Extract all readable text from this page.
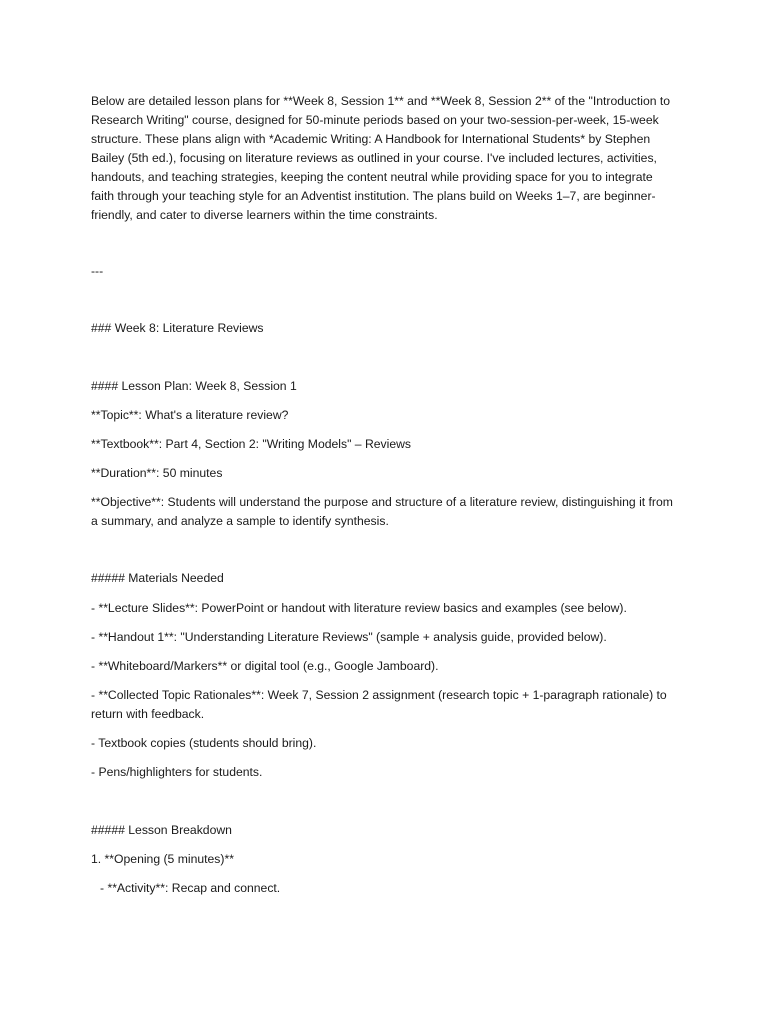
Below are detailed lesson plans for **Week 8, Session 1** and **Week 8, Session 2** of the "Introduction to Research Writing" course, designed for 50-minute periods based on your two-session-per-week, 15-week structure. These plans align with *Academic Writing: A Handbook for International Students* by Stephen Bailey (5th ed.), focusing on literature reviews as outlined in your course. I've included lectures, activities, handouts, and teaching strategies, keeping the content neutral while providing space for you to integrate faith through your teaching style for an Adventist institution. The plans build on Weeks 1–7, are beginner-friendly, and cater to diverse learners within the time constraints.

---

### Week 8: Literature Reviews

#### Lesson Plan: Week 8, Session 1

**Topic**: What's a literature review?

**Textbook**: Part 4, Section 2: "Writing Models" – Reviews

**Duration**: 50 minutes

**Objective**: Students will understand the purpose and structure of a literature review, distinguishing it from a summary, and analyze a sample to identify synthesis.

##### Materials Needed

- **Lecture Slides**: PowerPoint or handout with literature review basics and examples (see below).

- **Handout 1**: "Understanding Literature Reviews" (sample + analysis guide, provided below).

- **Whiteboard/Markers** or digital tool (e.g., Google Jamboard).

- **Collected Topic Rationales**: Week 7, Session 2 assignment (research topic + 1-paragraph rationale) to return with feedback.

- Textbook copies (students should bring).

- Pens/highlighters for students.

##### Lesson Breakdown

1. **Opening (5 minutes)**

- **Activity**: Recap and connect.
